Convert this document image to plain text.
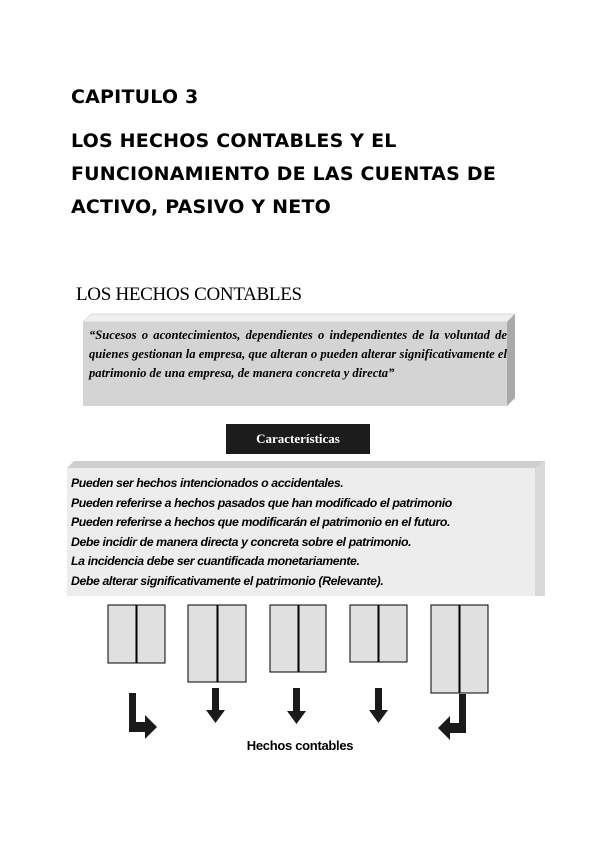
CAPITULO 3
LOS HECHOS CONTABLES Y EL
FUNCIONAMIENTO DE LAS CUENTAS DE
ACTIVO, PASIVO Y NETO
LOS HECHOS CONTABLES
“Sucesos o acontecimientos, dependientes o independientes de la voluntad de quienes gestionan la empresa, que alteran o pueden alterar significativamente el patrimonio de una empresa, de manera concreta y directa”
Características
Pueden ser hechos intencionados o accidentales.
Pueden referirse a hechos pasados que han modificado el patrimonio
Pueden referirse a hechos que modificarán el patrimonio en el futuro.
Debe incidir de manera directa y concreta sobre el patrimonio.
La incidencia debe ser cuantificada monetariamente.
Debe alterar significativamente el patrimonio (Relevante).
Hechos contables
